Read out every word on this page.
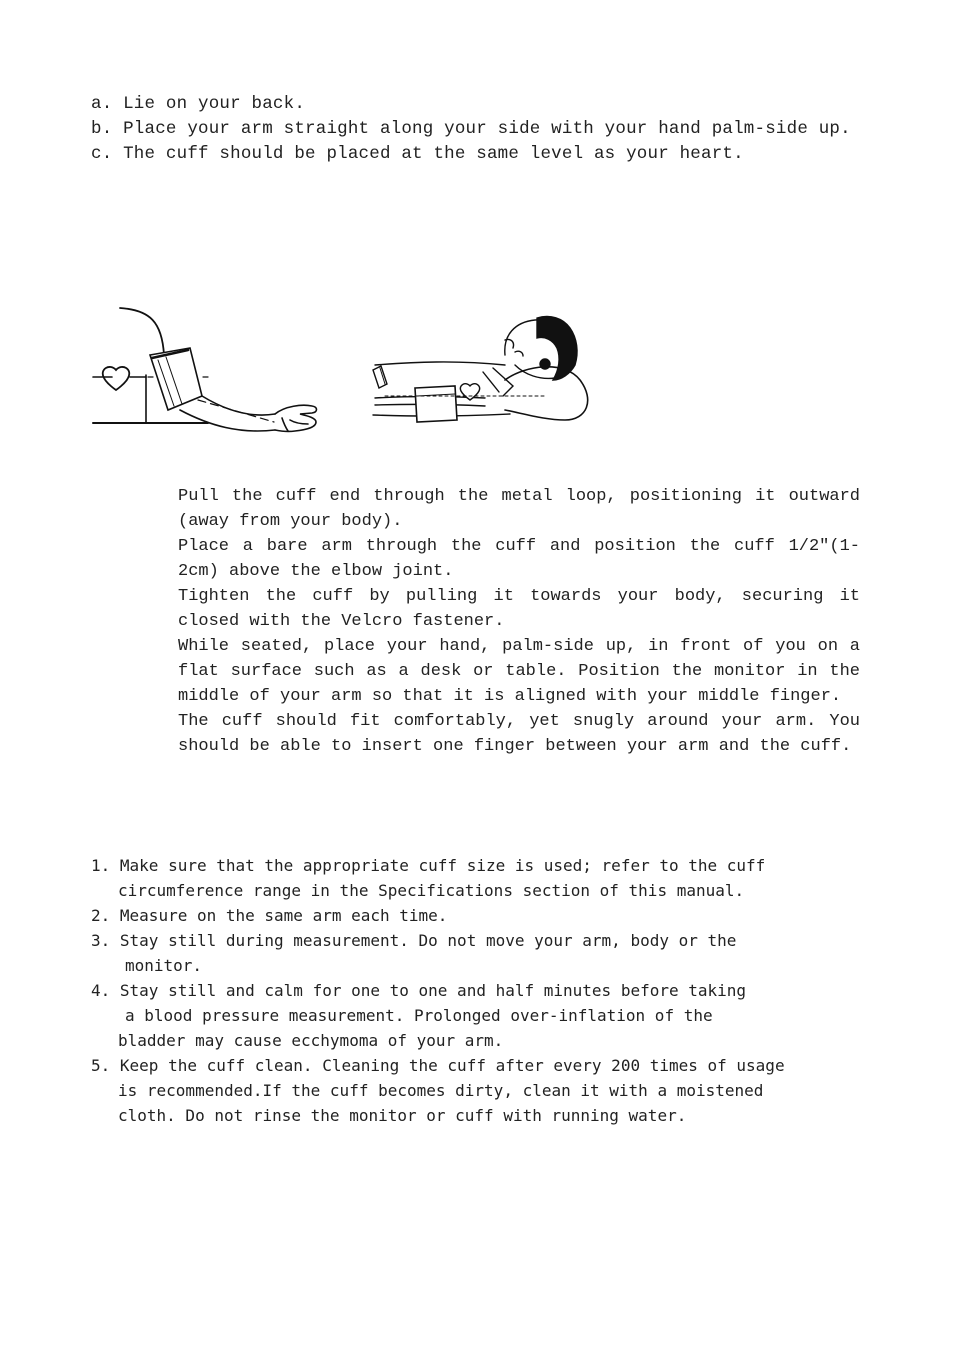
a. Lie on your back.

b. Place your arm straight along your side with your hand palm-side up.

c. The cuff should be placed at the same level as your heart.

Pull the cuff end through the metal loop, positioning it outward (away from your body).

Place a bare arm through the cuff and position the cuff 1/2"(1-2cm) above the elbow joint.

Tighten the cuff by pulling it towards your body, securing it closed with the Velcro fastener.

While seated, place your hand, palm-side up, in front of you on a flat surface such as a desk or table. Position the monitor in the middle of your arm so that it is aligned with your middle finger.

The cuff should fit comfortably, yet snugly around your arm. You should be able to insert one finger between your arm and the cuff.

1. Make sure that the appropriate cuff size is used; refer to the cuff

circumference range in the Specifications section of this manual.

2. Measure on the same arm each time.

3. Stay still during measurement. Do not move your arm, body or the

monitor.

4. Stay still and calm for one to one and half minutes before taking

a blood pressure measurement. Prolonged over-inflation of the

bladder may cause ecchymoma of your arm.

5. Keep the cuff clean. Cleaning the cuff after every 200 times of usage

is recommended.If the cuff becomes dirty, clean it with a moistened

cloth. Do not rinse the monitor or cuff with running water.
